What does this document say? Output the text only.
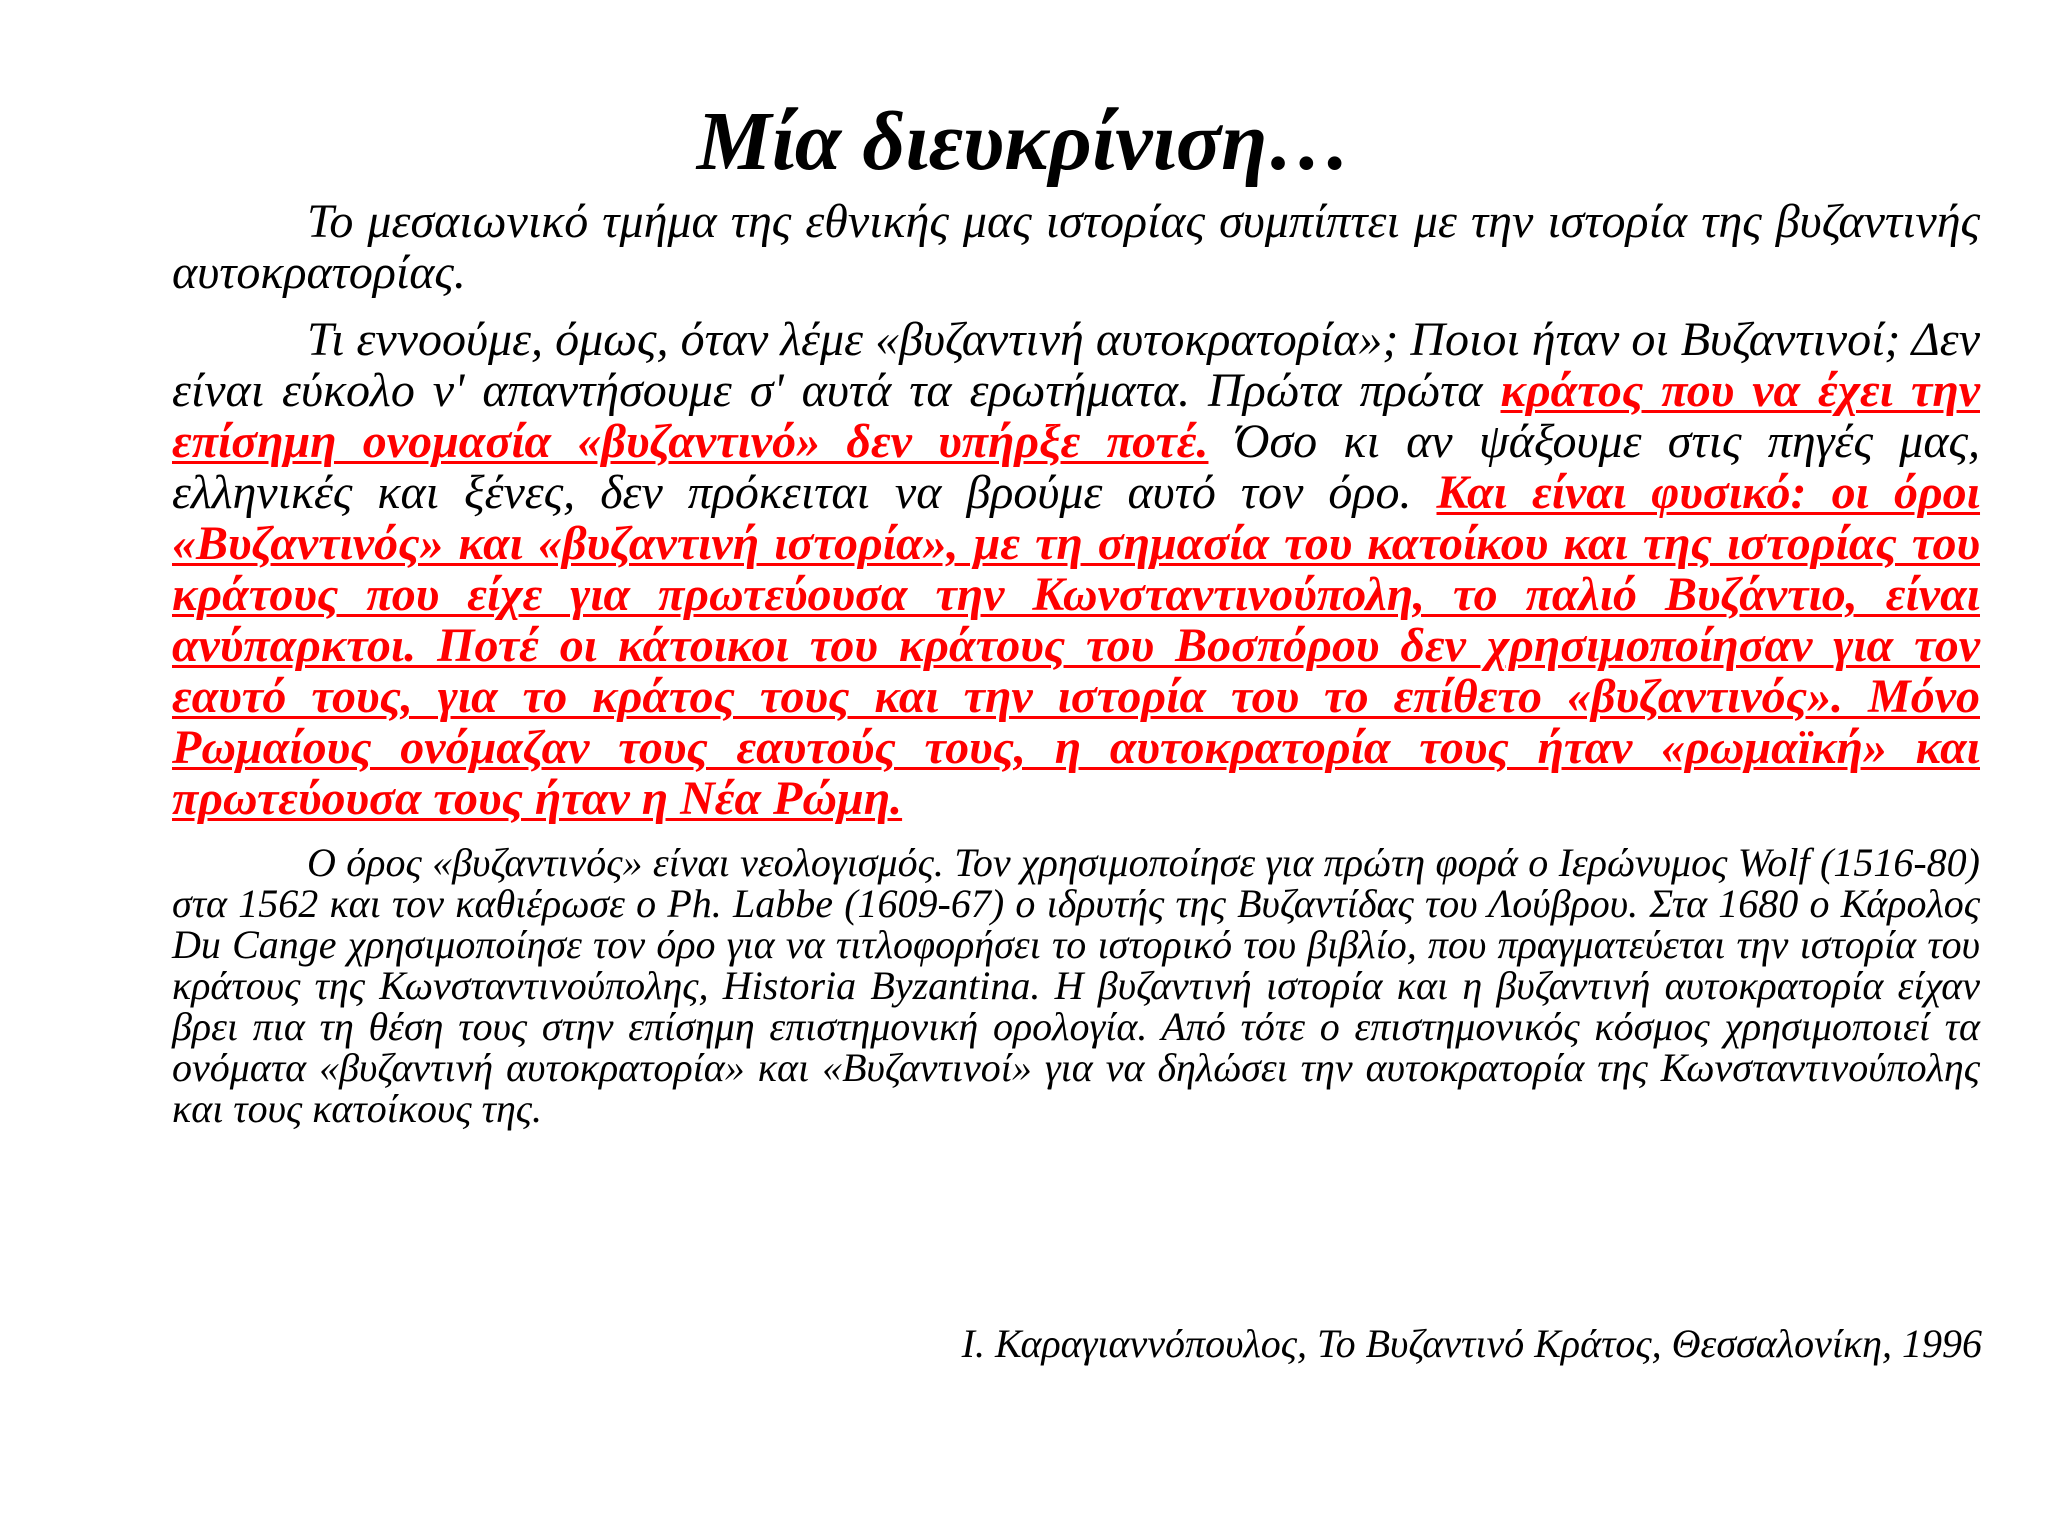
Μία διευκρίνιση…

Το μεσαιωνικό τμήμα της εθνικής μας ιστορίας συμπίπτει με την ιστορία της βυζαντινής αυτοκρατορίας.

Τι εννοούμε, όμως, όταν λέμε «βυζαντινή αυτοκρατορία»; Ποιοι ήταν οι Βυζαντινοί; Δεν είναι εύκολο ν' απαντήσουμε σ' αυτά τα ερωτήματα. Πρώτα πρώτα κράτος που να έχει την επίσημη ονομασία «βυζαντινό» δεν υπήρξε ποτέ. Όσο κι αν ψάξουμε στις πηγές μας, ελληνικές και ξένες, δεν πρόκειται να βρούμε αυτό τον όρο. Και είναι φυσικό: οι όροι «Βυζαντινός» και «βυζαντινή ιστορία», με τη σημασία του κατοίκου και της ιστορίας του κράτους που είχε για πρωτεύουσα την Κωνσταντινούπολη, το παλιό Βυζάντιο, είναι ανύπαρκτοι. Ποτέ οι κάτοικοι του κράτους του Βοσπόρου δεν χρησιμοποίησαν για τον εαυτό τους, για το κράτος τους και την ιστορία του το επίθετο «βυζαντινός». Μόνο Ρωμαίους ονόμαζαν τους εαυτούς τους, η αυτοκρατορία τους ήταν «ρωμαϊκή» και πρωτεύουσα τους ήταν η Νέα Ρώμη.

Ο όρος «βυζαντινός» είναι νεολογισμός. Τον χρησιμοποίησε για πρώτη φορά ο Ιερώνυμος Wolf (1516-80) στα 1562 και τον καθιέρωσε ο Ph. Labbe (1609-67) ο ιδρυτής της Βυζαντίδας του Λούβρου. Στα 1680 ο Κάρολος Du Cange χρησιμοποίησε τον όρο για να τιτλοφορήσει το ιστορικό του βιβλίο, που πραγματεύεται την ιστορία του κράτους της Κωνσταντινούπολης, Historia Byzantina. Η βυζαντινή ιστορία και η βυζαντινή αυτοκρατορία είχαν βρει πια τη θέση τους στην επίσημη επιστημονική ορολογία. Από τότε ο επιστημονικός κόσμος χρησιμοποιεί τα ονόματα «βυζαντινή αυτοκρατορία» και «Βυζαντινοί» για να δηλώσει την αυτοκρατορία της Κωνσταντινούπολης και τους κατοίκους της.

Ι. Καραγιαννόπουλος, Το Βυζαντινό Κράτος, Θεσσαλονίκη, 1996
